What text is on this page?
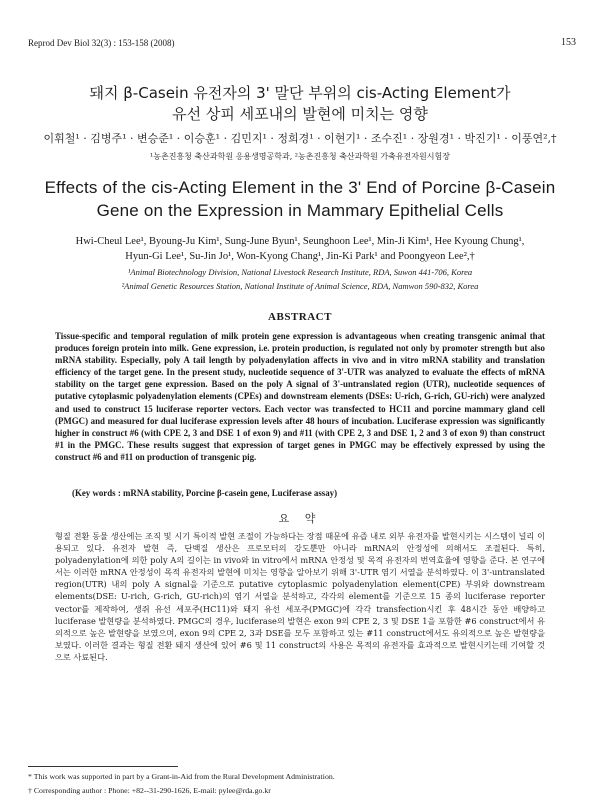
Reprod Dev Biol 32(3) : 153-158 (2008)	153
돼지 β-Casein 유전자의 3' 말단 부위의 cis-Acting Element가
유선 상피 세포내의 발현에 미치는 영향
이휘철¹ · 김병주¹ · 변승준¹ · 이승훈¹ · 김민지¹ · 정희경¹ · 이현기¹ · 조수진¹ · 장원경¹ · 박진기¹ · 이풍연²,†
¹농촌진흥청 축산과학원 응용생명공학과, ²농촌진흥청 축산과학원 가축유전자원시험장
Effects of the cis-Acting Element in the 3' End of Porcine β-Casein
Gene on the Expression in Mammary Epithelial Cells
Hwi-Cheul Lee¹, Byoung-Ju Kim¹, Sung-June Byun¹, Seunghoon Lee¹, Min-Ji Kim¹, Hee Kyoung Chung¹,
Hyun-Gi Lee¹, Su-Jin Jo¹, Won-Kyong Chang¹, Jin-Ki Park¹ and Poongyeon Lee²,†
¹Animal Biotechnology Division, National Livestock Research Institute, RDA, Suwon 441-706, Korea
²Animal Genetic Resources Station, National Institute of Animal Science, RDA, Namwon 590-832, Korea
ABSTRACT
Tissue-specific and temporal regulation of milk protein gene expression is advantageous when creating transgenic animal that produces foreign protein into milk. Gene expression, i.e. protein production, is regulated not only by promoter strength but also mRNA stability. Especially, poly A tail length by polyadenylation affects in vivo and in vitro mRNA stability and translation efficiency of the target gene. In the present study, nucleotide sequence of 3'-UTR was analyzed to evaluate the effects of mRNA stability on the target gene expression. Based on the poly A signal of 3'-untranslated region (UTR), nucleotide sequences of putative cytoplasmic polyadenylation elements (CPEs) and downstream elements (DSEs: U-rich, G-rich, GU-rich) were analyzed and used to construct 15 luciferase reporter vectors. Each vector was transfected to HC11 and porcine mammary gland cell (PMGC) and measured for dual luciferase expression levels after 48 hours of incubation. Luciferase expression was significantly higher in construct #6 (with CPE 2, 3 and DSE 1 of exon 9) and #11 (with CPE 2, 3 and DSE 1, 2 and 3 of exon 9) than construct #1 in the PMGC. These results suggest that expression of target genes in PMGC may be effectively expressed by using the construct #6 and #11 on production of transgenic pig.
(Key words : mRNA stability, Porcine β-casein gene, Luciferase assay)
요 약
형질 전환 동물 생산에는 조직 및 시기 특이적 발현 조절이 가능하다는 장점 때문에 유즙 내로 외부 유전자를 발현시키는 시스템이 널리 이용되고 있다. 유전자 발현 즉, 단백질 생산은 프로모터의 강도뿐만 아니라 mRNA의 안정성에 의해서도 조절된다. 특히, polyadenylation에 의한 poly A의 길이는 in vivo와 in vitro에서 mRNA 안정성 및 목적 유전자의 번역효율에 영향을 준다. 본 연구에서는 이러한 mRNA 안정성이 목적 유전자의 발현에 미치는 영향을 알아보기 위해 3'-UTR 염기 서열을 분석하였다. 이 3'-untranslated region(UTR) 내의 poly A signal을 기준으로 putative cytoplasmic polyadenylation element(CPE) 부위와 downstream elements(DSE: U-rich, G-rich, GU-rich)의 염기 서열을 분석하고, 각각의 element를 기준으로 15 종의 luciferase reporter vector를 제작하여, 생쥐 유선 세포주(HC11)와 돼지 유선 세포주(PMGC)에 각각 transfection시킨 후 48시간 동안 배양하고 luciferase 발현량을 분석하였다. PMGC의 경우, luciferase의 발현은 exon 9의 CPE 2, 3 및 DSE 1을 포함한 #6 construct에서 유의적으로 높은 발현량을 보였으며, exon 9의 CPE 2, 3과 DSE를 모두 포함하고 있는 #11 construct에서도 유의적으로 높은 발현량을 보였다. 이러한 결과는 형질 전환 돼지 생산에 있어 #6 및 11 construct의 사용은 목적의 유전자를 효과적으로 발현시키는데 기여할 것으로 사료된다.
* This work was supported in part by a Grant-in-Aid from the Rural Development Administration.
† Corresponding author : Phone: +82--31-290-1626, E-mail: pylee@rda.go.kr
